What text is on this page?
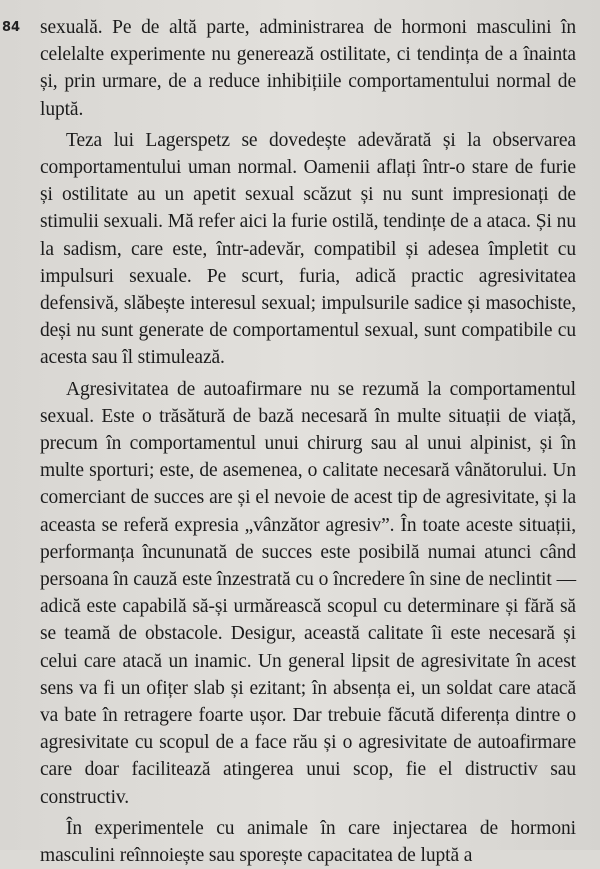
84 sexuală. Pe de altă parte, administrarea de hormoni masculini în celelalte experimente nu generează ostilitate, ci tendința de a înainta și, prin urmare, de a reduce inhibițiile comportamentului normal de luptă.

Teza lui Lagerspetz se dovedește adevărată și la observarea comportamentului uman normal. Oamenii aflați într-o stare de furie și ostilitate au un apetit sexual scăzut și nu sunt impresionați de stimulii sexuali. Mă refer aici la furie ostilă, tendințe de a ataca. Și nu la sadism, care este, într-adevăr, compatibil și adesea împletit cu impulsuri sexuale. Pe scurt, furia, adică practic agresivitatea defensivă, slăbește interesul sexual; impulsurile sadice și masochiste, deși nu sunt generate de comportamentul sexual, sunt compatibile cu acesta sau îl stimulează.

Agresivitatea de autoafirmare nu se rezumă la comportamentul sexual. Este o trăsătură de bază necesară în multe situații de viață, precum în comportamentul unui chirurg sau al unui alpinist, și în multe sporturi; este, de asemenea, o calitate necesară vânătorului. Un comerciant de succes are și el nevoie de acest tip de agresivitate, și la aceasta se referă expresia „vânzător agresiv”. În toate aceste situații, performanța încununată de succes este posibilă numai atunci când persoana în cauză este înzestrată cu o încredere în sine de neclintit — adică este capabilă să-și urmărească scopul cu determinare și fără să se teamă de obstacole. Desigur, această calitate îi este necesară și celui care atacă un inamic. Un general lipsit de agresivitate în acest sens va fi un ofițer slab și ezitant; în absența ei, un soldat care atacă va bate în retragere foarte ușor. Dar trebuie făcută diferența dintre o agresivitate cu scopul de a face rău și o agresivitate de autoafirmare care doar facilitează atingerea unui scop, fie el distructiv sau constructiv.

În experimentele cu animale în care injectarea de hormoni masculini reînnoiește sau sporește capacitatea de luptă a
